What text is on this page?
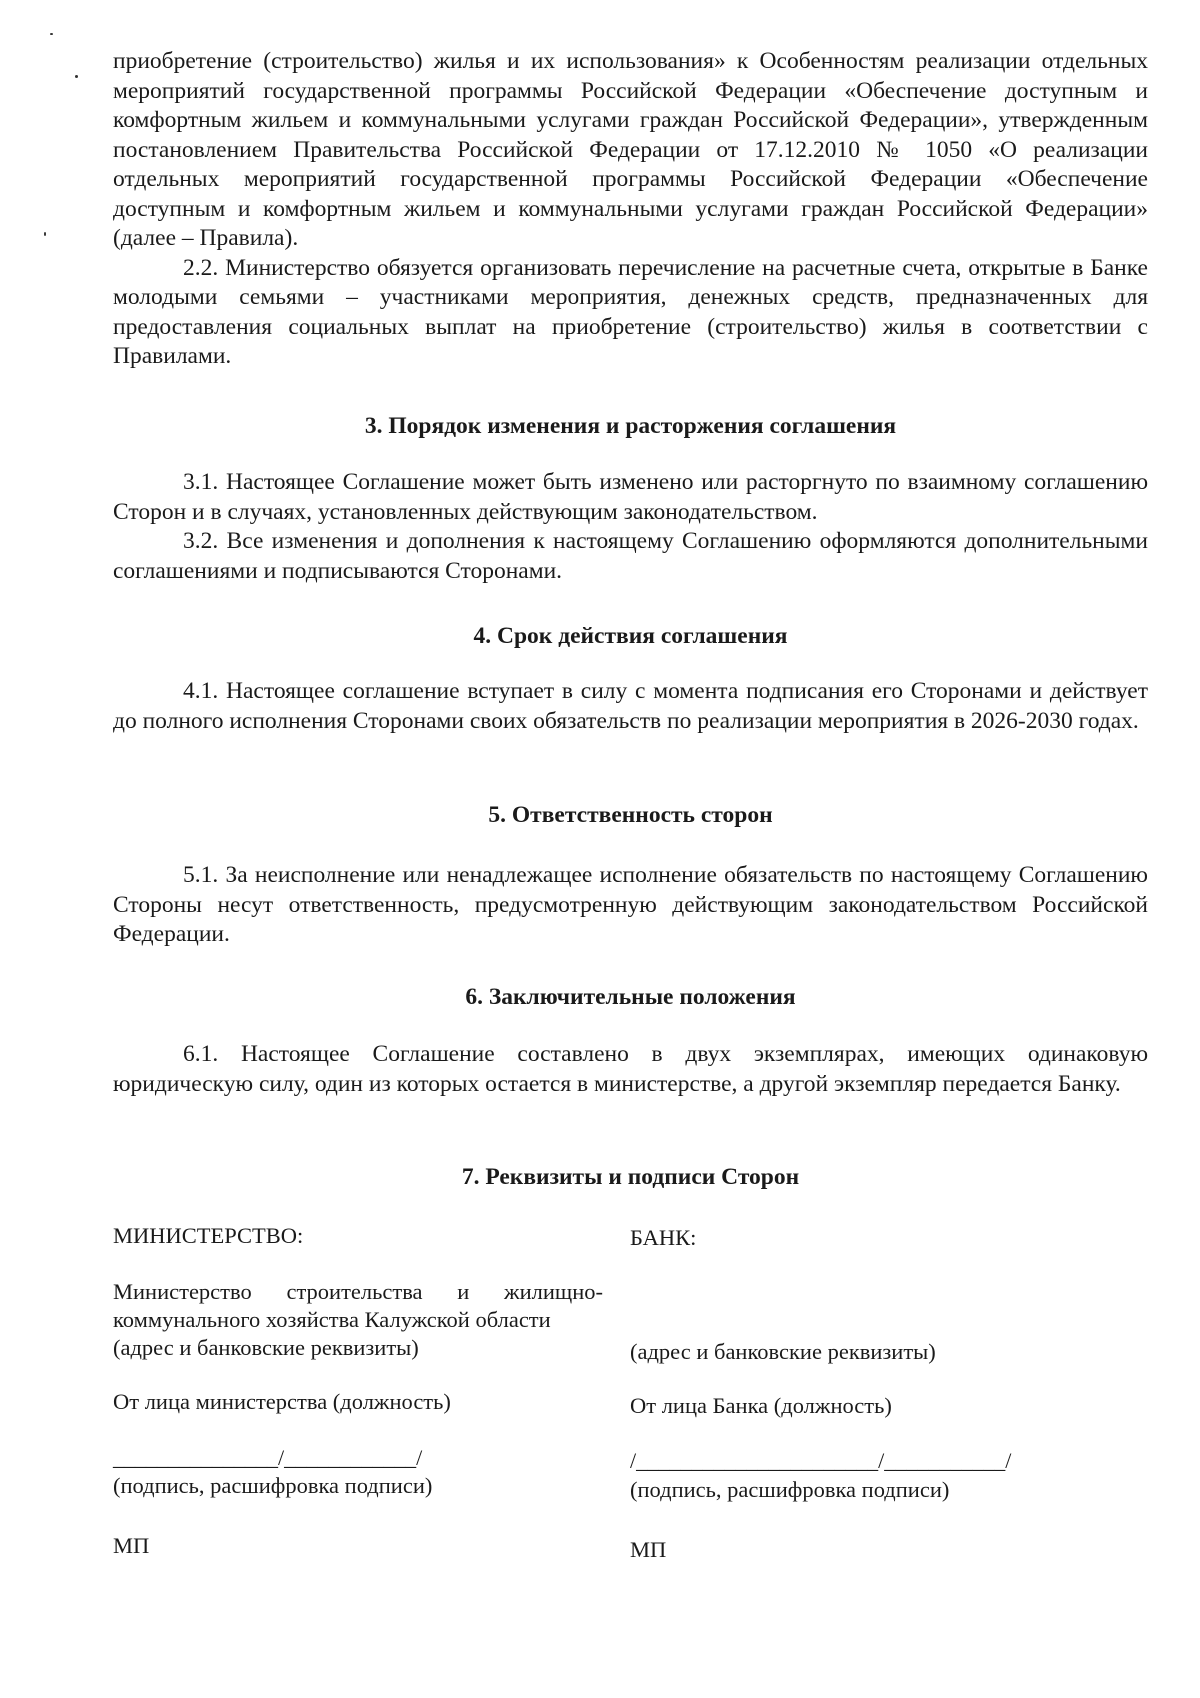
приобретение (строительство) жилья и их использования» к Особенностям реализации отдельных мероприятий государственной программы Российской Федерации «Обеспечение доступным и комфортным жильем и коммунальными услугами граждан Российской Федерации», утвержденным постановлением Правительства Российской Федерации от 17.12.2010 № 1050 «О реализации отдельных мероприятий государственной программы Российской Федерации «Обеспечение доступным и комфортным жильем и коммунальными услугами граждан Российской Федерации» (далее – Правила).

2.2. Министерство обязуется организовать перечисление на расчетные счета, открытые в Банке молодыми семьями – участниками мероприятия, денежных средств, предназначенных для предоставления социальных выплат на приобретение (строительство) жилья в соответствии с Правилами.

3. Порядок изменения и расторжения соглашения

3.1. Настоящее Соглашение может быть изменено или расторгнуто по взаимному соглашению Сторон и в случаях, установленных действующим законодательством.

3.2. Все изменения и дополнения к настоящему Соглашению оформляются дополнительными соглашениями и подписываются Сторонами.

4. Срок действия соглашения

4.1. Настоящее соглашение вступает в силу с момента подписания его Сторонами и действует до полного исполнения Сторонами своих обязательств по реализации мероприятия в 2026-2030 годах.

5. Ответственность сторон

5.1. За неисполнение или ненадлежащее исполнение обязательств по настоящему Соглашению Стороны несут ответственность, предусмотренную действующим законодательством Российской Федерации.

6. Заключительные положения

6.1. Настоящее Соглашение составлено в двух экземплярах, имеющих одинаковую юридическую силу, один из которых остается в министерстве, а другой экземпляр передается Банку.

7. Реквизиты и подписи Сторон
МИНИСТЕРСТВО:
Министерство строительства и жилищно-коммунального хозяйства Калужской области
(адрес и банковские реквизиты)
От лица министерства (должность)
_______________/____________/
(подпись, расшифровка подписи)
МП
БАНК:
(адрес и банковские реквизиты)
От лица Банка (должность)
/______________________/___________/
(подпись, расшифровка подписи)
МП
